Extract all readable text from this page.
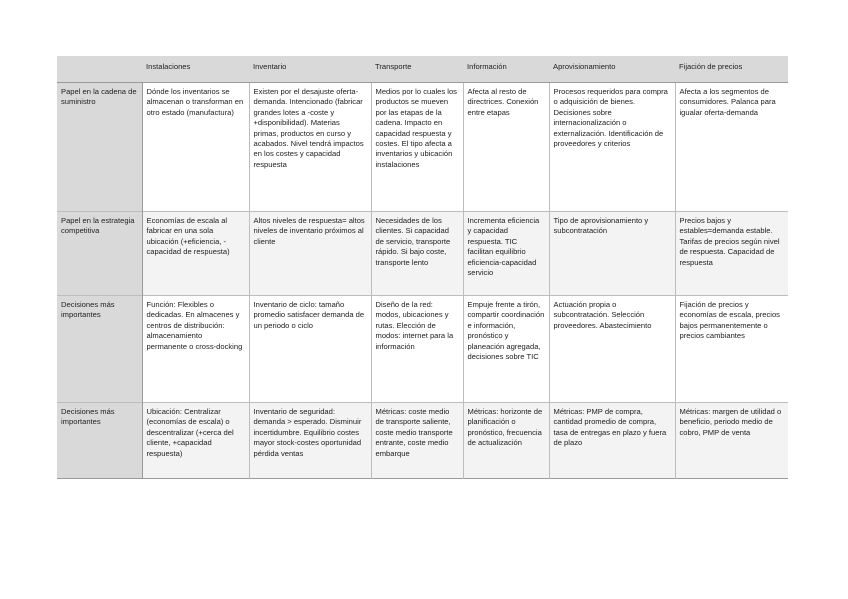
	Instalaciones	Inventario	Transporte	Información	Aprovisionamiento	Fijación de precios
Papel en la cadena de suministro	Dónde los inventarios se almacenan o transforman en otro estado (manufactura)	Existen por el desajuste oferta-demanda. Intencionado (fabricar grandes lotes a -coste y +disponibilidad). Materias primas, productos en curso y acabados. Nivel tendrá impactos en los costes y capacidad respuesta	Medios por lo cuales los productos se mueven por las etapas de la cadena. Impacto en capacidad respuesta y costes. El tipo afecta a inventarios y ubicación instalaciones	Afecta al resto de directrices. Conexión entre etapas	Procesos requeridos para compra o adquisición de bienes. Decisiones sobre internacionalización o externalización. Identificación de proveedores y criterios	Afecta a los segmentos de consumidores. Palanca para igualar oferta-demanda
Papel en la estrategia competitiva	Economías de escala al fabricar en una sola ubicación (+eficiencia, -capacidad de respuesta)	Altos niveles de respuesta= altos niveles de inventario próximos al cliente	Necesidades de los clientes. Si capacidad de servicio, transporte rápido. Si bajo coste, transporte lento	Incrementa eficiencia y capacidad respuesta. TIC facilitan equilibrio eficiencia-capacidad servicio	Tipo de aprovisionamiento y subcontratación	Precios bajos y estables=demanda estable. Tarifas de precios según nivel de respuesta. Capacidad de respuesta
Decisiones más importantes	Función: Flexibles o dedicadas. En almacenes y centros de distribución: almacenamiento permanente o cross-docking	Inventario de ciclo: tamaño promedio satisfacer demanda de un periodo o ciclo	Diseño de la red: modos, ubicaciones y rutas. Elección de modos: internet para la información	Empuje frente a tirón, compartir coordinación e información, pronóstico y planeación agregada, decisiones sobre TIC	Actuación propia o subcontratación. Selección proveedores. Abastecimiento	Fijación de precios y economías de escala, precios bajos permanentemente o precios cambiantes
Decisiones más importantes	Ubicación: Centralizar (economías de escala) o descentralizar (+cerca del cliente, +capacidad respuesta)	Inventario de seguridad: demanda > esperado. Disminuir incertidumbre. Equilibrio costes mayor stock-costes oportunidad pérdida ventas	Métricas: coste medio de transporte saliente, coste medio transporte entrante, coste medio embarque	Métricas: horizonte de planificación o pronóstico, frecuencia de actualización	Métricas: PMP de compra, cantidad promedio de compra, tasa de entregas en plazo y fuera de plazo	Métricas: margen de utilidad o beneficio, periodo medio de cobro, PMP de venta
